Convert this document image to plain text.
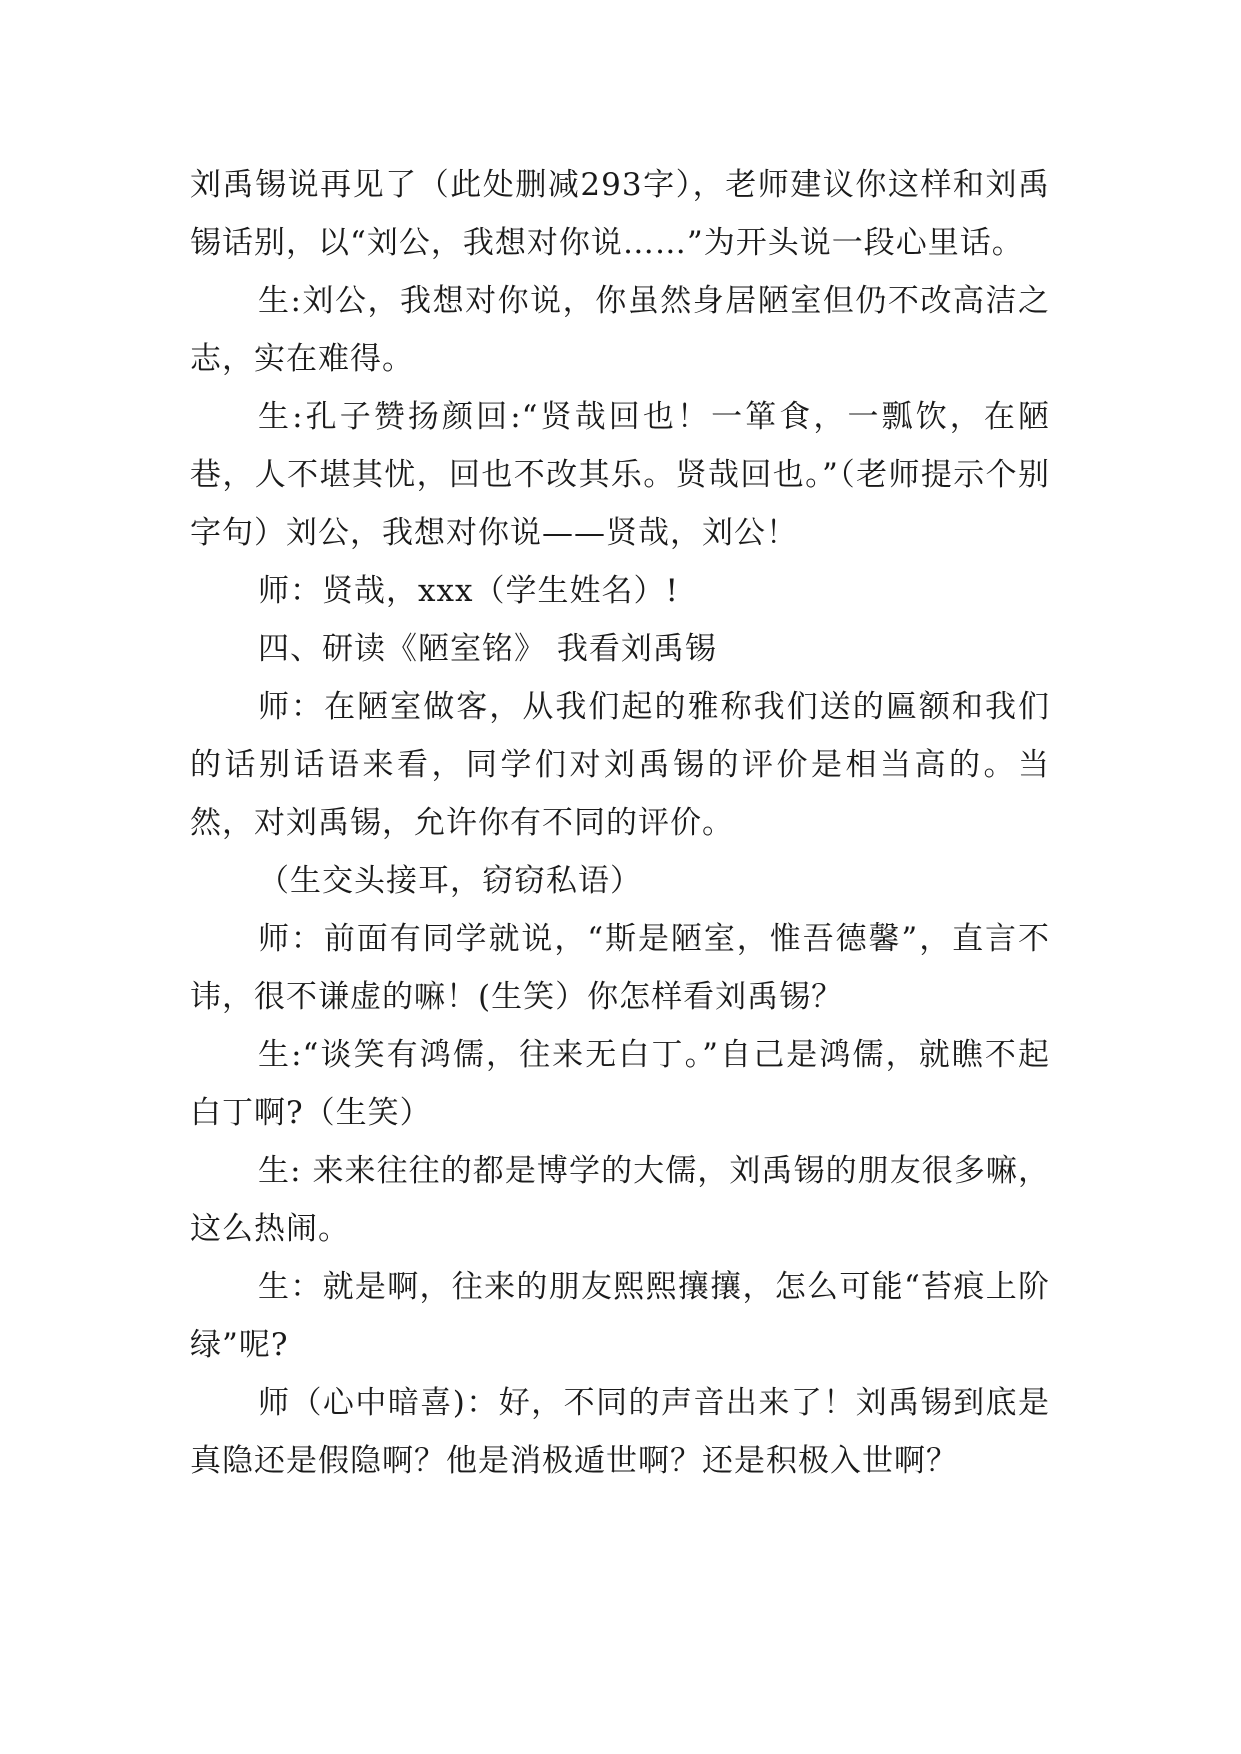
刘禹锡说再见了（此处删减293字），老师建议你这样和刘禹锡话别，以“刘公，我想对你说……”为开头说一段心里话。

生:刘公，我想对你说，你虽然身居陋室但仍不改高洁之志，实在难得。

生:孔子赞扬颜回:“贤哉回也！一箪食，一瓢饮，在陋巷，人不堪其忧，回也不改其乐。贤哉回也。”（老师提示个别字句）刘公，我想对你说——贤哉，刘公！

师：贤哉，xxx（学生姓名）!

四、研读《陋室铭》 我看刘禹锡

师：在陋室做客，从我们起的雅称我们送的匾额和我们的话别话语来看，同学们对刘禹锡的评价是相当高的。当然，对刘禹锡，允许你有不同的评价。

（生交头接耳，窃窃私语）

师：前面有同学就说，“斯是陋室，惟吾德馨”，直言不讳，很不谦虚的嘛！(生笑）你怎样看刘禹锡？

生:“谈笑有鸿儒，往来无白丁。”自己是鸿儒，就瞧不起白丁啊?（生笑）

生: 来来往往的都是博学的大儒，刘禹锡的朋友很多嘛，这么热闹。

生：就是啊，往来的朋友熙熙攘攘，怎么可能“苔痕上阶绿”呢?

师（心中暗喜)：好，不同的声音出来了！刘禹锡到底是真隐还是假隐啊？他是消极遁世啊？还是积极入世啊？
